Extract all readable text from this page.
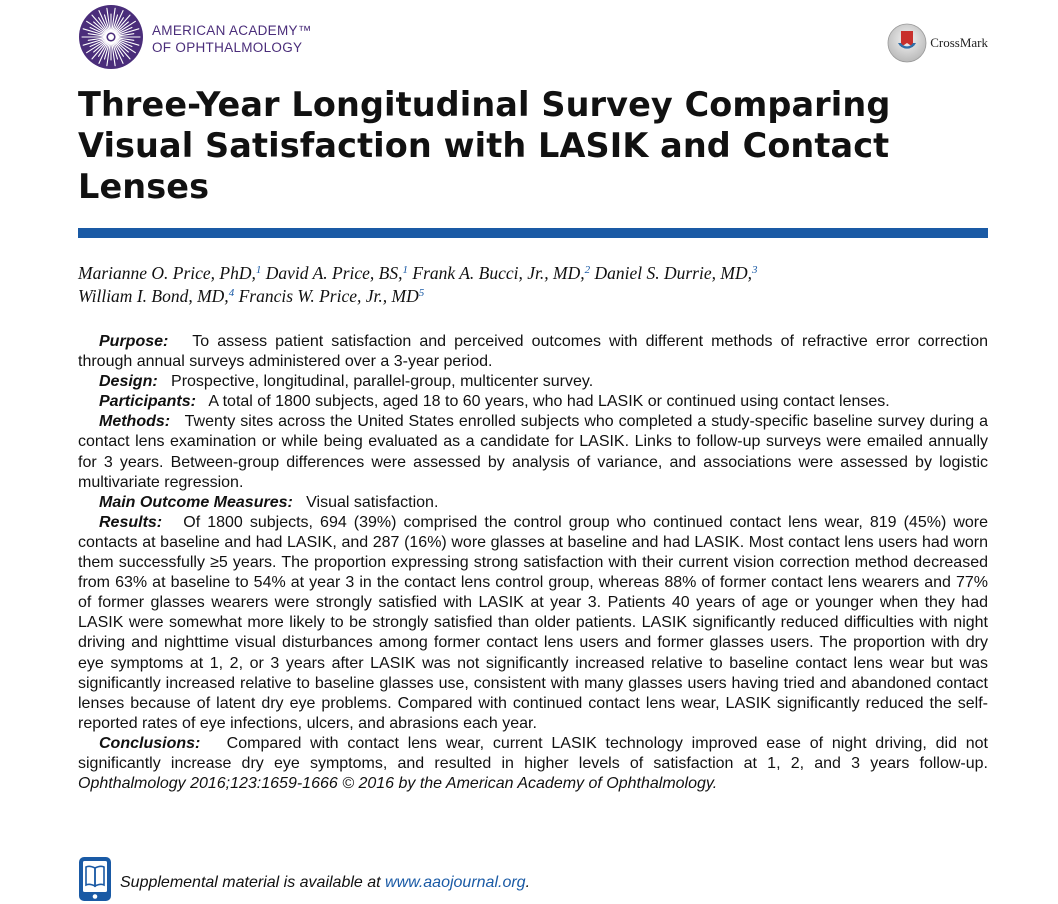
AMERICAN ACADEMY™
OF OPHTHALMOLOGY	CrossMark
Three-Year Longitudinal Survey Comparing Visual Satisfaction with LASIK and Contact Lenses
Marianne O. Price, PhD,$^1$ David A. Price, BS,$^1$ Frank A. Bucci, Jr., MD,$^2$ Daniel S. Durrie, MD,$^3$
William I. Bond, MD,$^4$ Francis W. Price, Jr., $MD^5$

Purpose: To assess patient satisfaction and perceived outcomes with different methods of refractive error correction through annual surveys administered over a 3-year period.

Design: Prospective, longitudinal, parallel-group, multicenter survey.

Participants: A total of 1800 subjects, aged 18 to 60 years, who had LASIK or continued using contact lenses.

Methods: Twenty sites across the United States enrolled subjects who completed a study-specific baseline survey during a contact lens examination or while being evaluated as a candidate for LASIK. Links to follow-up surveys were emailed annually for 3 years. Between-group differences were assessed by analysis of variance, and associations were assessed by logistic multivariate regression.

Main Outcome Measures: Visual satisfaction.

Results: Of 1800 subjects, 694 (39%) comprised the control group who continued contact lens wear, 819 (45%) wore contacts at baseline and had LASIK, and 287 (16%) wore glasses at baseline and had LASIK. Most contact lens users had worn them successfully ≥5 years. The proportion expressing strong satisfaction with their current vision correction method decreased from 63% at baseline to 54% at year 3 in the contact lens control group, whereas 88% of former contact lens wearers and 77% of former glasses wearers were strongly satisfied with LASIK at year 3. Patients 40 years of age or younger when they had LASIK were somewhat more likely to be strongly satisfied than older patients. LASIK significantly reduced difficulties with night driving and nighttime visual disturbances among former contact lens users and former glasses users. The proportion with dry eye symptoms at 1, 2, or 3 years after LASIK was not significantly increased relative to baseline contact lens wear but was significantly increased relative to baseline glasses use, consistent with many glasses users having tried and abandoned contact lenses because of latent dry eye problems. Compared with continued contact lens wear, LASIK significantly reduced the self-reported rates of eye infections, ulcers, and abrasions each year.

Conclusions: Compared with contact lens wear, current LASIK technology improved ease of night driving, did not significantly increase dry eye symptoms, and resulted in higher levels of satisfaction at 1, 2, and 3 years follow-up. Ophthalmology 2016;123:1659-1666 © 2016 by the American Academy of Ophthalmology.

Supplemental material is available at www.aaojournal.org.
